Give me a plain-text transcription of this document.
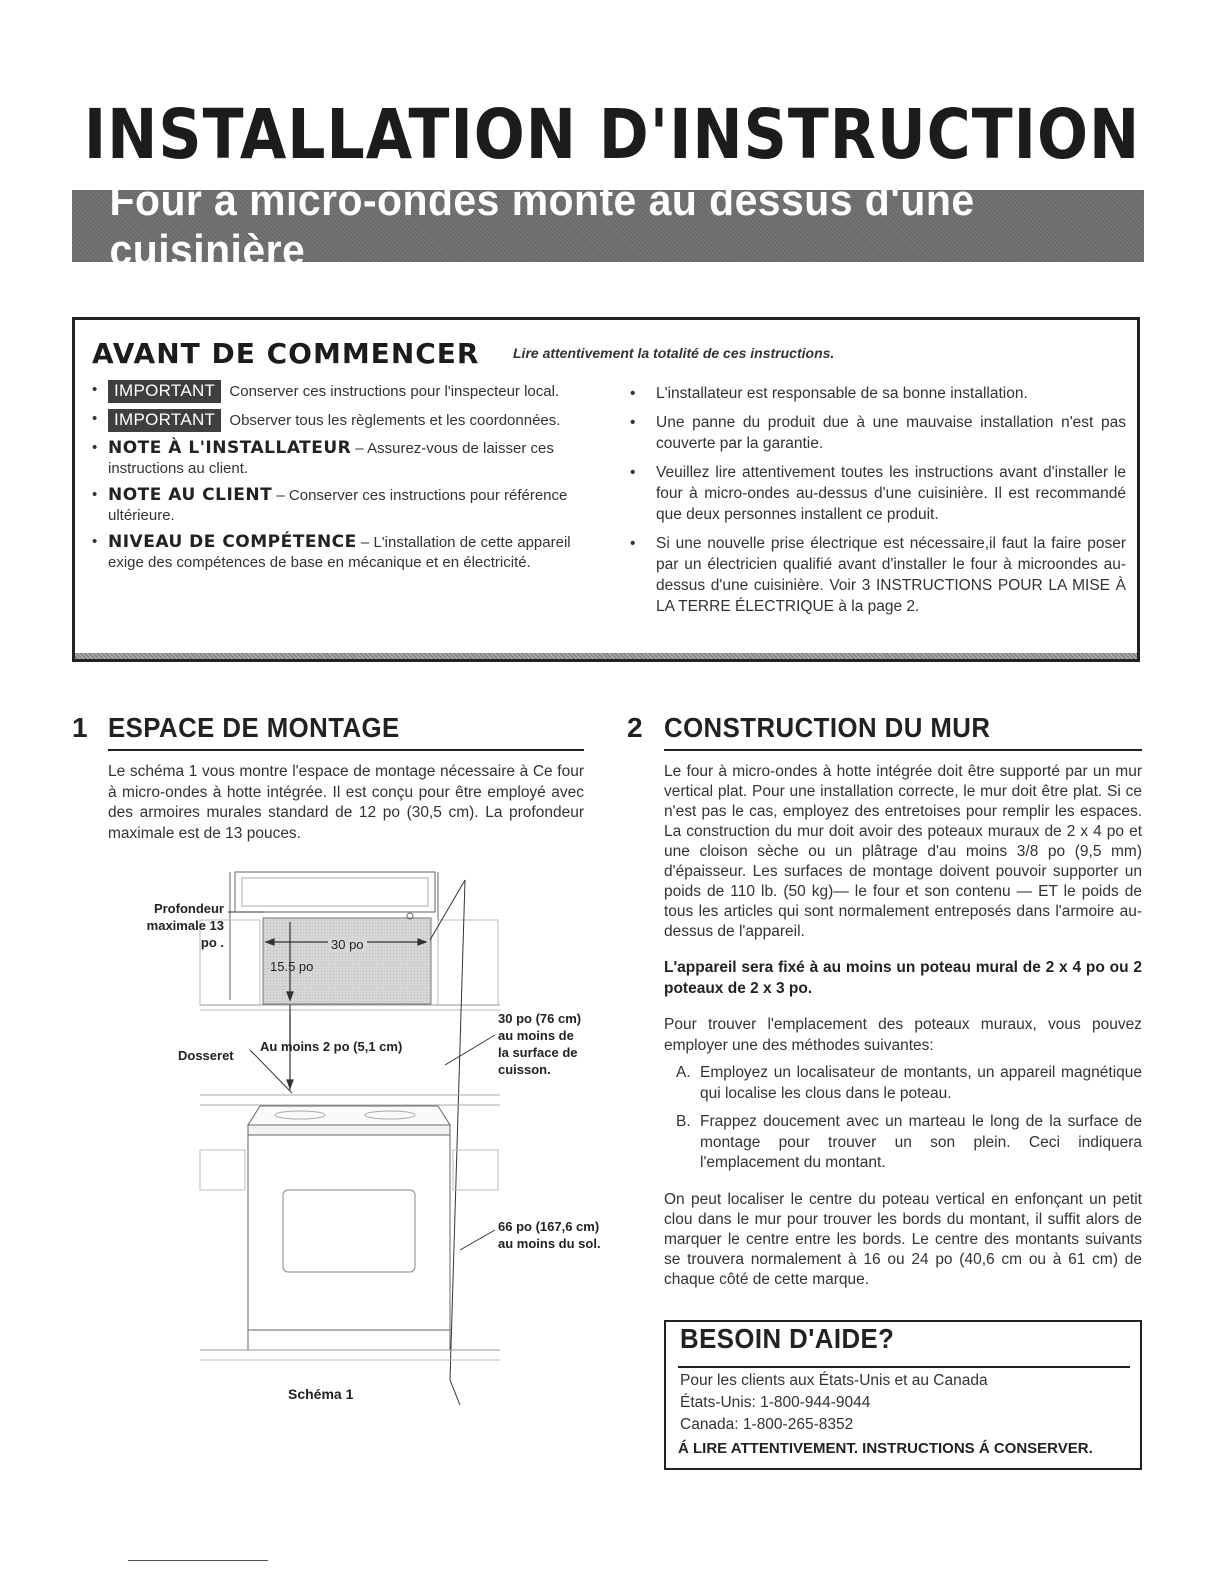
INSTALLATION D'INSTRUCTION
Four à micro-ondes monté au dessus d'une cuisinière
AVANT DE COMMENCER Lire attentivement la totalité de ces instructions.
• IMPORTANT Conserver ces instructions pour l'inspecteur local.
• IMPORTANT Observer tous les règlements et les coordonnées.
• NOTE À L'INSTALLATEUR – Assurez-vous de laisser ces instructions au client.
• NOTE AU CLIENT – Conserver ces instructions pour référence ultérieure.
• NIVEAU DE COMPÉTENCE – L'installation de cette appareil exige des compétences de base en mécanique et en électricité.
• L'installateur est responsable de sa bonne installation.
• Une panne du produit due à une mauvaise installation n'est pas couverte par la garantie.
• Veuillez lire attentivement toutes les instructions avant d'installer le four à micro-ondes au-dessus d'une cuisinière. Il est recommandé que deux personnes installent ce produit.
• Si une nouvelle prise électrique est nécessaire,il faut la faire poser par un électricien qualifié avant d'installer le four à microondes au-dessus d'une cuisinière. Voir 3 INSTRUCTIONS POUR LA MISE À LA TERRE ÉLECTRIQUE à la page 2.
1 ESPACE DE MONTAGE
Le schéma 1 vous montre l'espace de montage nécessaire à Ce four à micro-ondes à hotte intégrée. Il est conçu pour être employé avec des armoires murales standard de 12 po (30,5 cm). La profondeur maximale est de 13 pouces.
Profondeur
maximale 13 po .	30 po
15.5 po
Au moins 2 po (5,1 cm)
Dosseret
30 po (76 cm)
au moins de
la surface de
cuisson.
66 po (167,6 cm)
au moins du sol.
Schéma 1
2 CONSTRUCTION DU MUR
Le four à micro-ondes à hotte intégrée doit être supporté par un mur vertical plat. Pour une installation correcte, le mur doit être plat. Si ce n'est pas le cas, employez des entretoises pour remplir les espaces. La construction du mur doit avoir des poteaux muraux de 2 x 4 po et une cloison sèche ou un plâtrage d'au moins 3/8 po (9,5 mm) d'épaisseur. Les surfaces de montage doivent pouvoir supporter un poids de 110 lb. (50 kg)— le four et son contenu — ET le poids de tous les articles qui sont normalement entreposés dans l'armoire au-dessus de l'appareil.
L'appareil sera fixé à au moins un poteau mural de 2 x 4 po ou 2 poteaux de 2 x 3 po.
Pour trouver l'emplacement des poteaux muraux, vous pouvez employer une des méthodes suivantes:
A. Employez un localisateur de montants, un appareil magnétique qui localise les clous dans le poteau.
B. Frappez doucement avec un marteau le long de la surface de montage pour trouver un son plein. Ceci indiquera l'emplacement du montant.
On peut localiser le centre du poteau vertical en enfonçant un petit clou dans le mur pour trouver les bords du montant, il suffit alors de marquer le centre entre les bords. Le centre des montants suivants se trouvera normalement à 16 ou 24 po (40,6 cm ou à 61 cm) de chaque côté de cette marque.
BESOIN D'AIDE?
Pour les clients aux États-Unis et au Canada
États-Unis: 1-800-944-9044
Canada: 1-800-265-8352
Á LIRE ATTENTIVEMENT. INSTRUCTIONS Á CONSERVER.
